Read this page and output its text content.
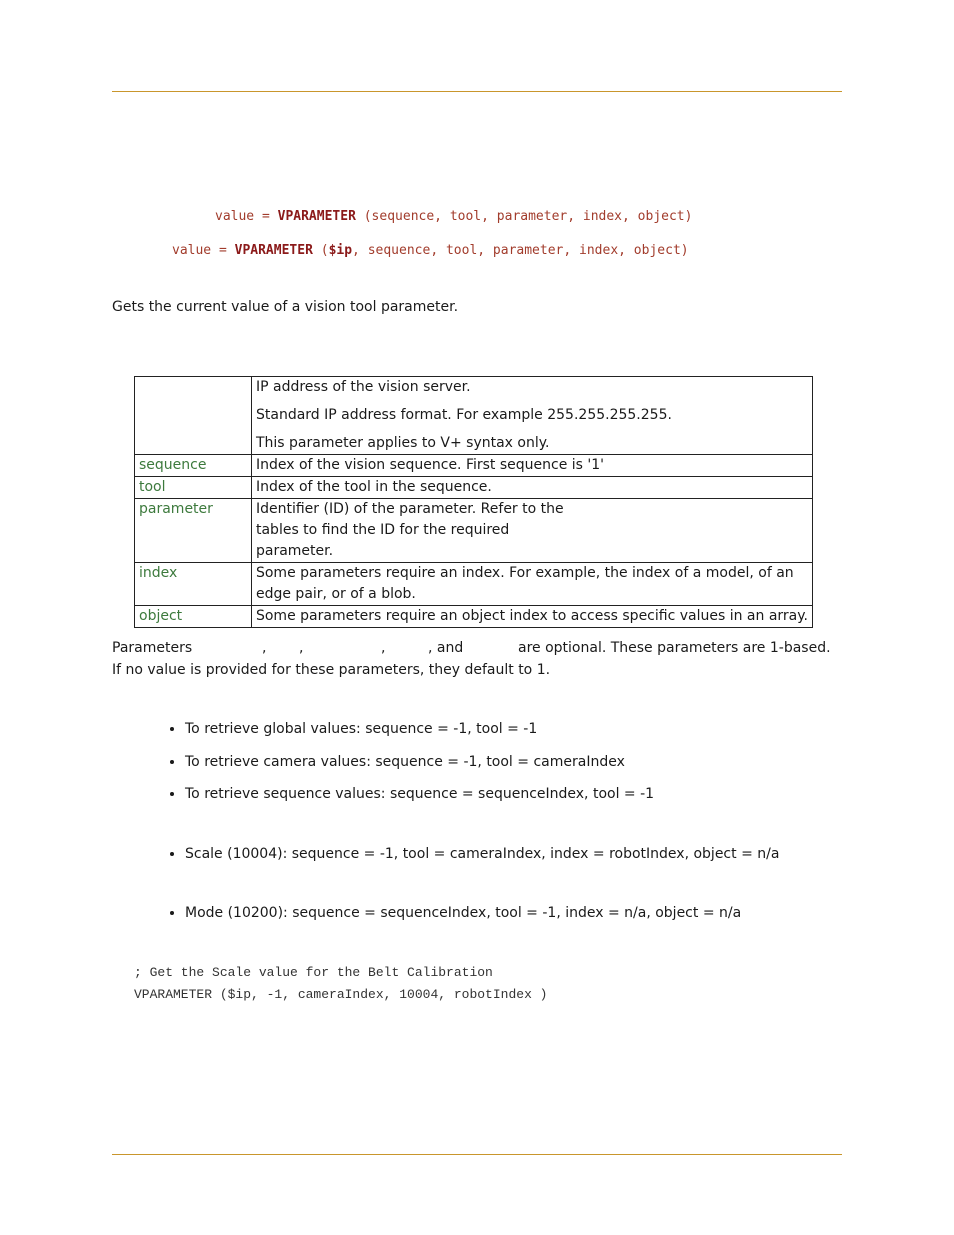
value = VPARAMETER (sequence, tool, parameter, index, object)
value = VPARAMETER ($ip, sequence, tool, parameter, index, object)
Gets the current value of a vision tool parameter.

	IP address of the vision server.

Standard IP address format. For example 255.255.255.255.

This parameter applies to V+ syntax only.

sequence	Index of the vision sequence. First sequence is '1'

tool	Index of the tool in the sequence.

parameter	Identifier (ID) of the parameter. Refer to the tables to find the ID for the required parameter.

index	Some parameters require an index. For example, the index of a model, of an edge pair, or of a blob.

object	Some parameters require an object index to access specific values in an array.

Parameters	, ,	,	, and	are optional. These parameters are 1-based.
If no value is provided for these parameters, they default to 1.
• To retrieve global values: sequence = -1, tool = -1
• To retrieve camera values: sequence = -1, tool = cameraIndex
• To retrieve sequence values: sequence = sequenceIndex, tool = -1
• Scale (10004): sequence = -1, tool = cameraIndex, index = robotIndex, object = n/a
• Mode (10200): sequence = sequenceIndex, tool = -1, index = n/a, object = n/a
; Get the Scale value for the Belt Calibration
VPARAMETER ($ip, -1, cameraIndex, 10004, robotIndex )
